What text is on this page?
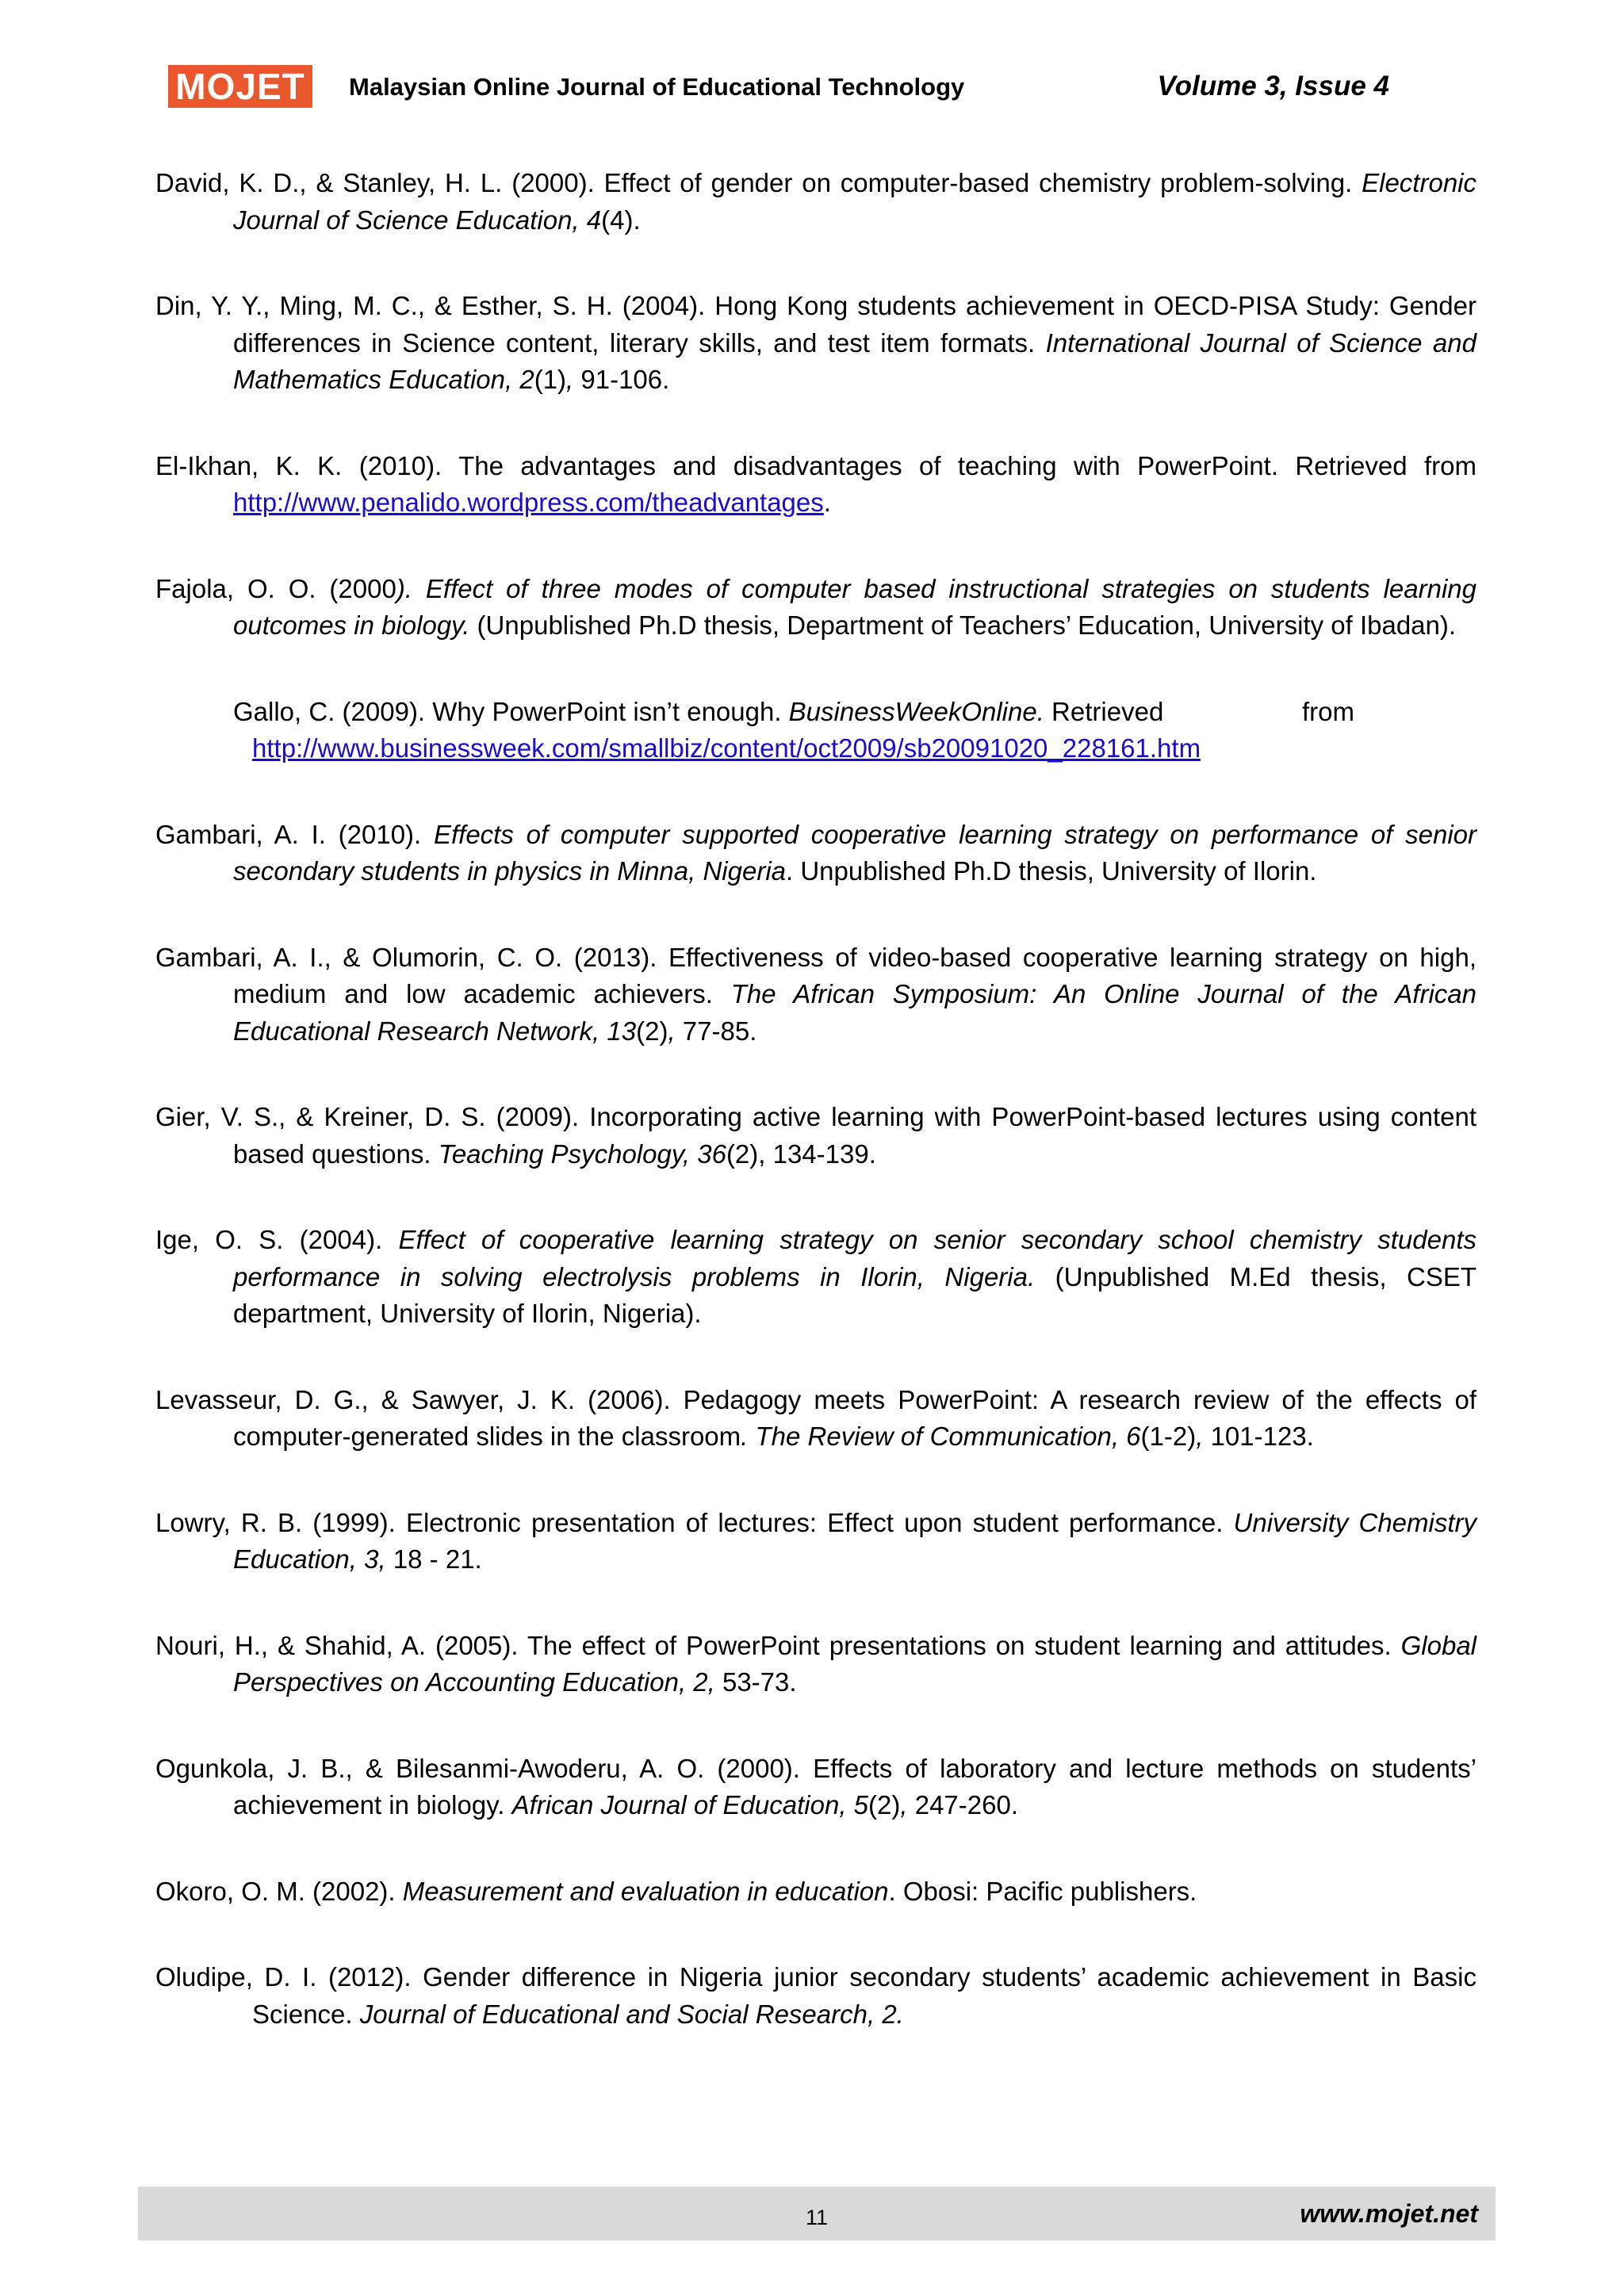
MOJET Malaysian Online Journal of Educational Technology	Volume 3, Issue 4

David, K. D., & Stanley, H. L. (2000). Effect of gender on computer-based chemistry problem-solving. Electronic Journal of Science Education, 4(4).

Din, Y. Y., Ming, M. C., & Esther, S. H. (2004). Hong Kong students achievement in OECD-PISA Study: Gender differences in Science content, literary skills, and test item formats. International Journal of Science and Mathematics Education, 2(1), 91-106.

El-Ikhan, K. K. (2010). The advantages and disadvantages of teaching with PowerPoint. Retrieved from http://www.penalido.wordpress.com/theadvantages.

Fajola, O. O. (2000). Effect of three modes of computer based instructional strategies on students learning outcomes in biology. (Unpublished Ph.D thesis, Department of Teachers’ Education, University of Ibadan).

Gallo, C. (2009). Why PowerPoint isn’t enough. BusinessWeekOnline. Retrieved	from
http://www.businessweek.com/smallbiz/content/oct2009/sb20091020_228161.htm

Gambari, A. I. (2010). Effects of computer supported cooperative learning strategy on performance of senior secondary students in physics in Minna, Nigeria. Unpublished Ph.D thesis, University of Ilorin.

Gambari, A. I., & Olumorin, C. O. (2013). Effectiveness of video-based cooperative learning strategy on high, medium and low academic achievers. The African Symposium: An Online Journal of the African Educational Research Network, 13(2), 77-85.

Gier, V. S., & Kreiner, D. S. (2009). Incorporating active learning with PowerPoint-based lectures using content based questions. Teaching Psychology, 36(2), 134-139.

Ige, O. S. (2004). Effect of cooperative learning strategy on senior secondary school chemistry students performance in solving electrolysis problems in Ilorin, Nigeria. (Unpublished M.Ed thesis, CSET department, University of Ilorin, Nigeria).

Levasseur, D. G., & Sawyer, J. K. (2006). Pedagogy meets PowerPoint: A research review of the effects of computer-generated slides in the classroom. The Review of Communication, 6(1-2), 101-123.

Lowry, R. B. (1999). Electronic presentation of lectures: Effect upon student performance. University Chemistry Education, 3, 18 - 21.

Nouri, H., & Shahid, A. (2005). The effect of PowerPoint presentations on student learning and attitudes. Global Perspectives on Accounting Education, 2, 53-73.

Ogunkola, J. B., & Bilesanmi-Awoderu, A. O. (2000). Effects of laboratory and lecture methods on students’ achievement in biology. African Journal of Education, 5(2), 247-260.

Okoro, O. M. (2002). Measurement and evaluation in education. Obosi: Pacific publishers.

Oludipe, D. I. (2012). Gender difference in Nigeria junior secondary students’ academic achievement in Basic Science. Journal of Educational and Social Research, 2.

11	www.mojet.net
